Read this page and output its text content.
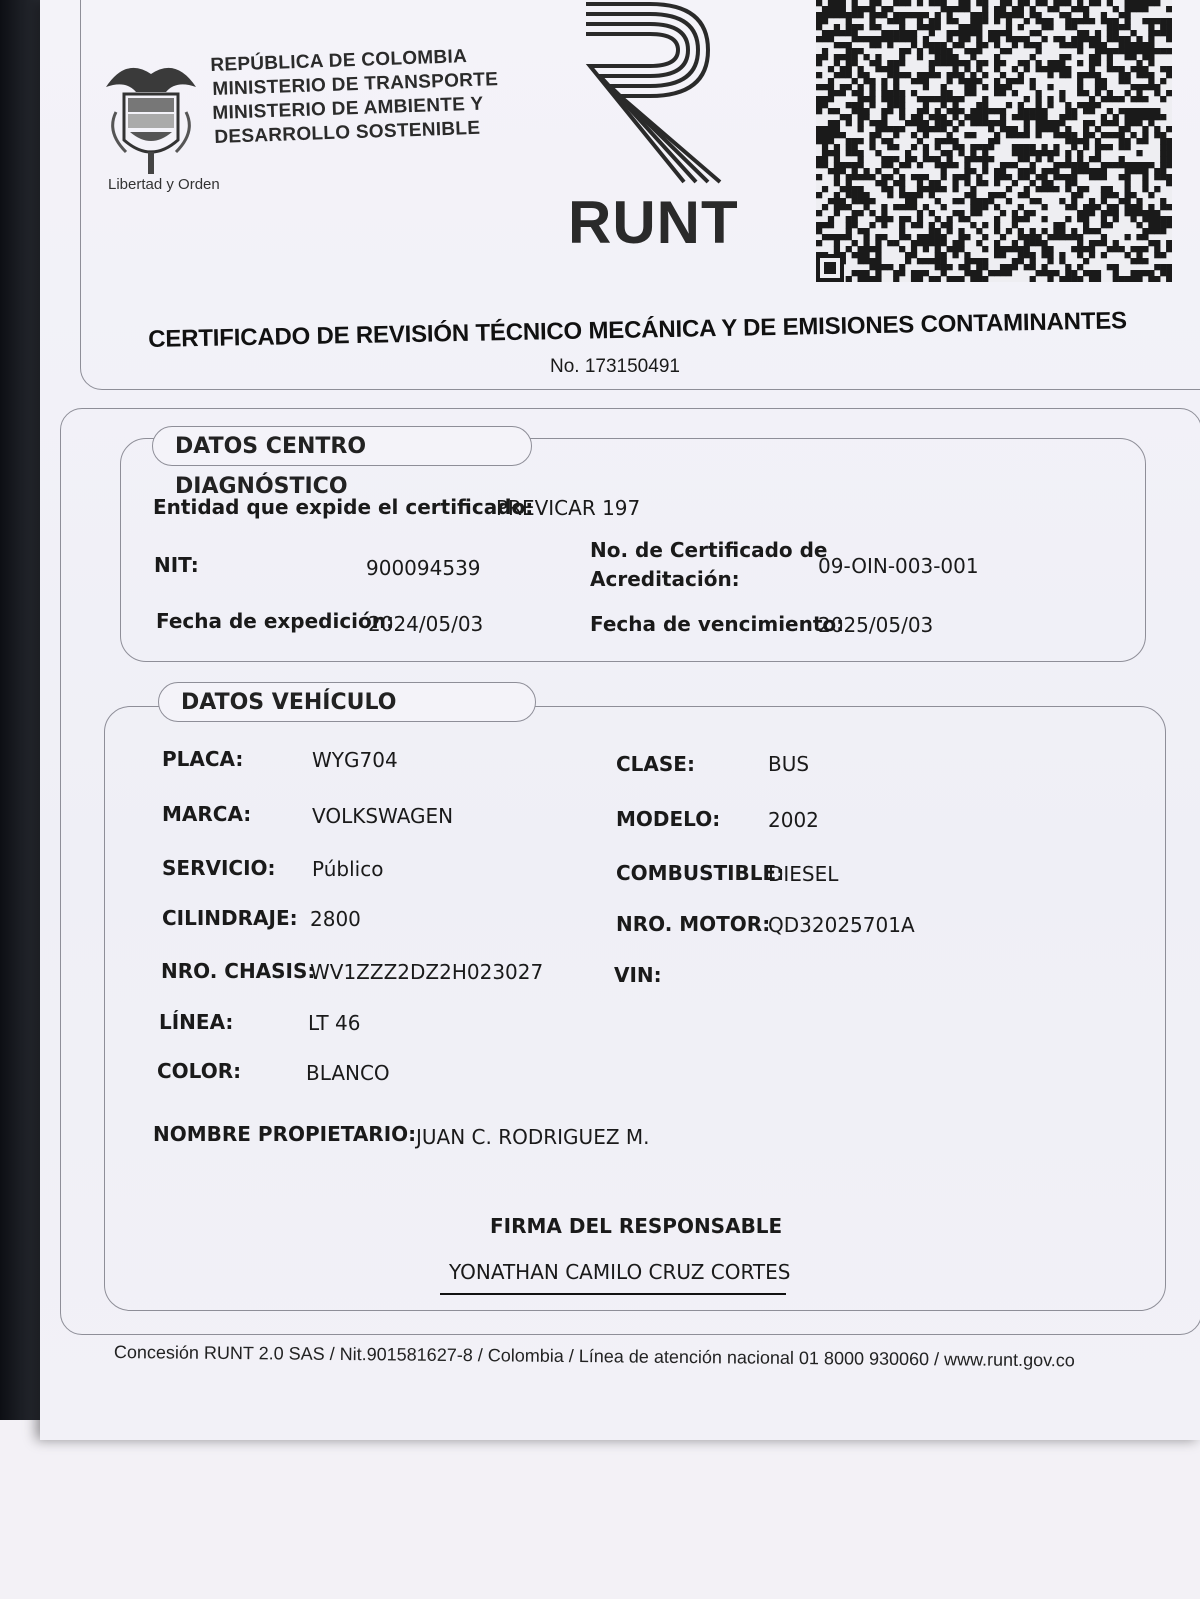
Libertad y Orden
REPÚBLICA DE COLOMBIA
MINISTERIO DE TRANSPORTE
MINISTERIO DE AMBIENTE Y
DESARROLLO SOSTENIBLE
RUNT
CERTIFICADO DE REVISIÓN TÉCNICO MECÁNICA Y DE EMISIONES CONTAMINANTES
No. 173150491
DATOS CENTRO DIAGNÓSTICO
Entidad que expide el certificado:
PREVICAR 197
NIT:	900094539
No. de Certificado de
Acreditación:
09-OIN-003-001
Fecha de expedición:
2024/05/03	Fecha de vencimiento:
2025/05/03
DATOS VEHÍCULO
PLACA:	WYG704	CLASE:	BUS
MARCA:	VOLKSWAGEN	MODELO: 2002
SERVICIO: Público	COMBUSTIBLE:
DIESEL
CILINDRAJE: 2800	NRO. MOTOR:
QD32025701A
NRO. CHASIS:
WV1ZZZ2DZ2H023027	VIN:
LÍNEA:	LT 46
COLOR:	BLANCO
NOMBRE PROPIETARIO: JUAN C. RODRIGUEZ M.
FIRMA DEL RESPONSABLE
YONATHAN CAMILO CRUZ CORTES
Concesión RUNT 2.0 SAS / Nit.901581627-8 / Colombia / Línea de atención nacional 01 8000 930060 / www.runt.gov.co
